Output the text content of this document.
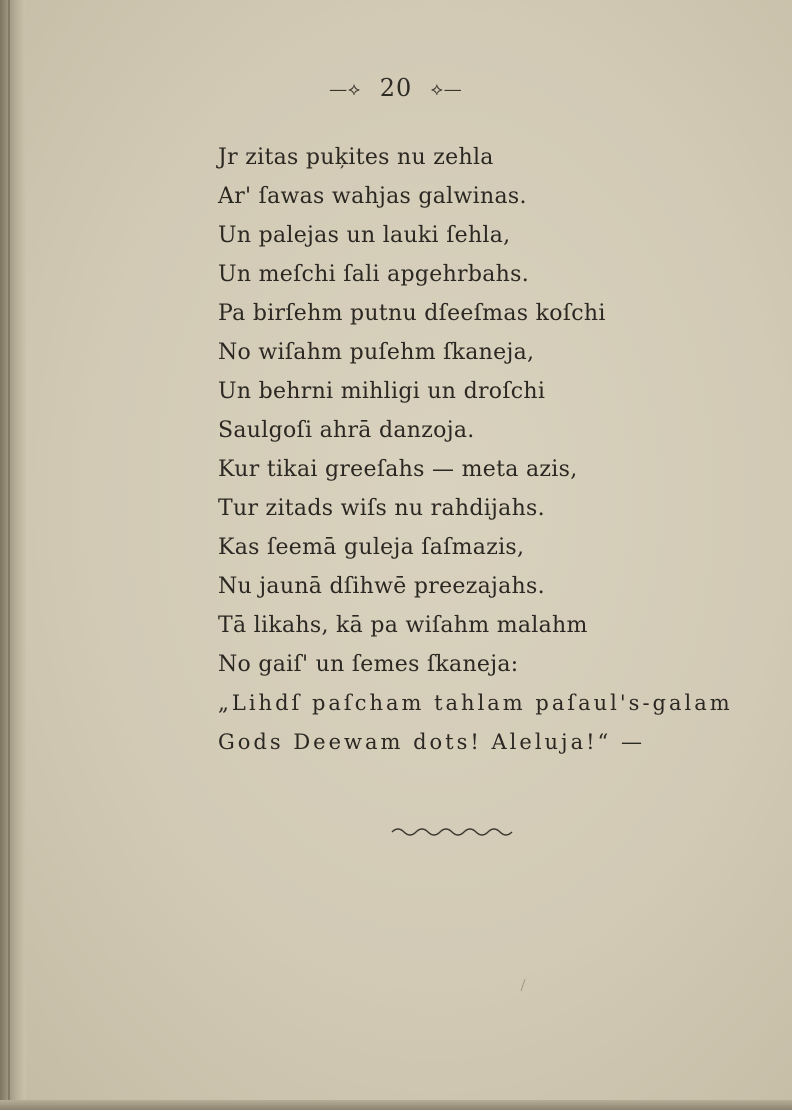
—⟡ 20 ⟡—
Jr zitas puķites nu zehla
Ar' ſawas wahjas galwinas.
Un palejas un lauki ſehla,
Un meſchi ſali apgehrbahs.
Pa birſehm putnu dſeeſmas koſchi
No wiſahm puſehm ſkaneja,
Un behrni mihligi un droſchi
Saulgoſi ahrā danzoja.
Kur tikai greeſahs — meta azis,
Tur zitads wiſs nu rahdijahs.
Kas ſeemā guleja ſaſmazis,
Nu jaunā dſihwē preezajahs.
Tā likahs, kā pa wiſahm malahm
No gaiſ' un ſemes ſkaneja:
„Lihdſ paſcham tahlam paſaul's-galam
Gods Deewam dots! Aleluja!“ —
